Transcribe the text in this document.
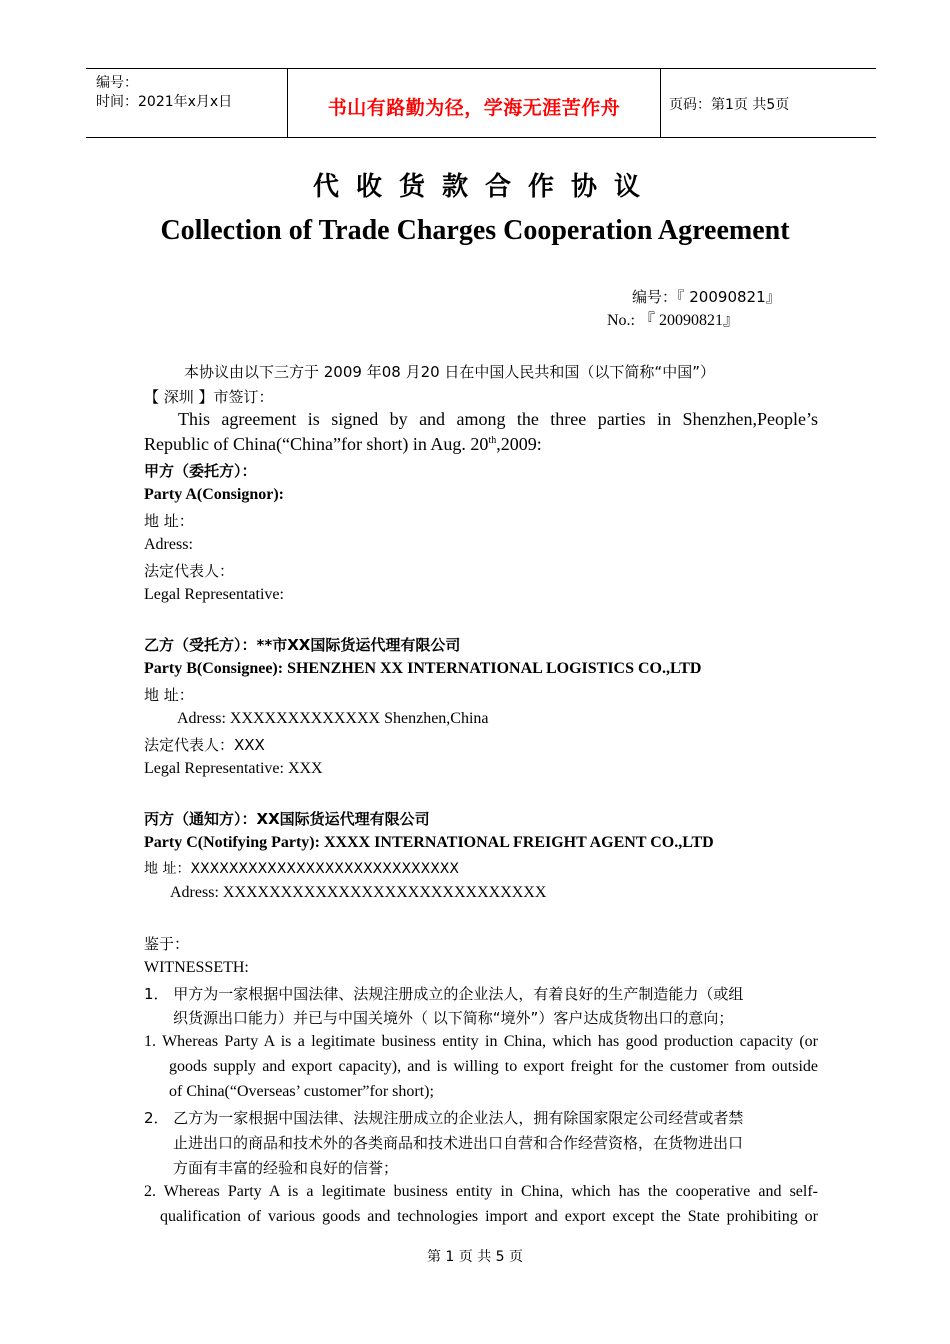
编号：
时间：2021年x月x日	书山有路勤为径，学海无涯苦作舟	页码：第1页 共5页
代收货款合作协议
Collection of Trade Charges Cooperation Agreement
编号：『 20090821』
No.: 『 20090821』
本协议由以下三方于 2009 年08 月20 日在中国人民共和国（以下简称“中国”）
【 深圳 】市签订：
This agreement is signed by and among the three parties in Shenzhen,People’s
Republic of China(“China”for short) in Aug. 20th,2009:
甲方（委托方）：
Party A(Consignor):
地 址：
Adress:
法定代表人：
Legal Representative:
乙方（受托方）：**市XX国际货运代理有限公司
Party B(Consignee): SHENZHEN XX INTERNATIONAL LOGISTICS CO.,LTD
地 址：
Adress: XXXXXXXXXXXXX Shenzhen,China
法定代表人：XXX
Legal Representative: XXX
丙方（通知方）：XX国际货运代理有限公司
Party C(Notifying Party): XXXX INTERNATIONAL FREIGHT AGENT CO.,LTD
地 址：XXXXXXXXXXXXXXXXXXXXXXXXXXXX
Adress: XXXXXXXXXXXXXXXXXXXXXXXXXXXX
鉴于：
WITNESSETH:
1． 甲方为一家根据中国法律、法规注册成立的企业法人，有着良好的生产制造能力（或组
织货源出口能力）并已与中国关境外（ 以下简称“境外”）客户达成货物出口的意向；
1. Whereas Party A is a legitimate business entity in China, which has good production capacity (or
goods supply and export capacity), and is willing to export freight for the customer from outside
of China(“Overseas’ customer”for short);
2． 乙方为一家根据中国法律、法规注册成立的企业法人，拥有除国家限定公司经营或者禁
止进出口的商品和技术外的各类商品和技术进出口自营和合作经营资格，在货物进出口
方面有丰富的经验和良好的信誉；
2. Whereas Party A is a legitimate business entity in China, which has the cooperative and self-
qualification of various goods and technologies import and export except the State prohibiting or
第 1 页 共 5 页
